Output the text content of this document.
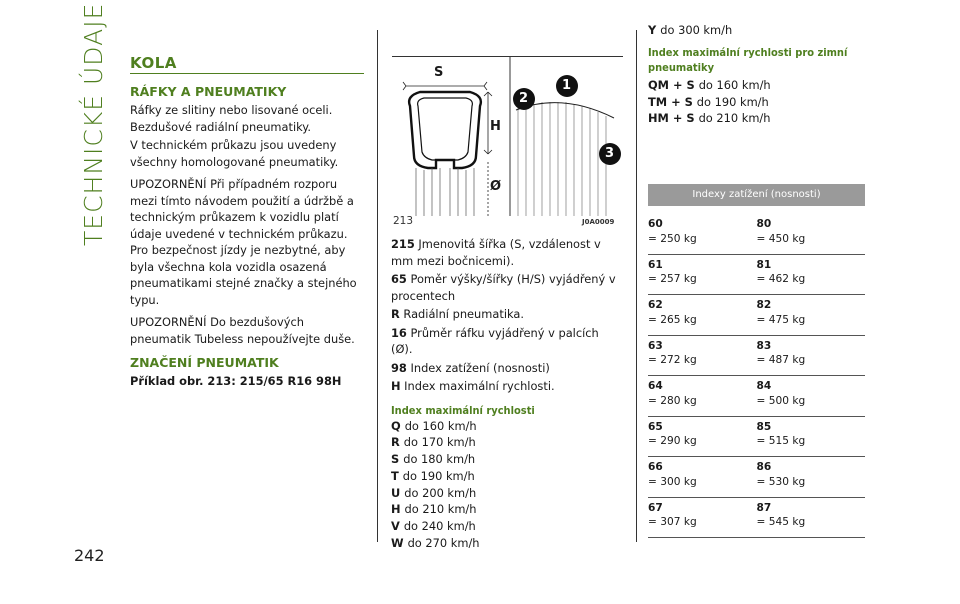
TECHNICKÉ ÚDAJE	KOLA
RÁFKY A PNEUMATIKY

Ráfky ze slitiny nebo lisované oceli. Bezdušové radiální pneumatiky.

V technickém průkazu jsou uvedeny všechny homologované pneumatiky.

UPOZORNĚNÍ Při případném rozporu mezi tímto návodem použití a údržbě a technickým průkazem k vozidlu platí údaje uvedené v technickém průkazu. Pro bezpečnost jízdy je nezbytné, aby byla všechna kola vozidla osazená pneumatikami stejné značky a stejného typu.

UPOZORNĚNÍ Do bezdušových pneumatik Tubeless nepoužívejte duše.

ZNAČENÍ PNEUMATIK
Příklad obr. 213: 215/65 R16 98H
S
H
Ø
1
2
3
213	J0A0009
215 Jmenovitá šířka (S, vzdálenost v mm mezi bočnicemi).
65 Poměr výšky/šířky (H/S) vyjádřený v procentech
R Radiální pneumatika.
16 Průměr ráfku vyjádřený v palcích (Ø).
98 Index zatížení (nosnosti)
H Index maximální rychlosti.
Index maximální rychlosti
Q do 160 km/h
R do 170 km/h
S do 180 km/h
T do 190 km/h
U do 200 km/h
H do 210 km/h
V do 240 km/h
W do 270 km/h
Y do 300 km/h
Index maximální rychlosti pro zimní pneumatiky
QM + S do 160 km/h
TM + S do 190 km/h
HM + S do 210 km/h
Indexy zatížení (nosnosti)
60
= 250 kg
80
= 450 kg
61
= 257 kg
81
= 462 kg
62
= 265 kg
82
= 475 kg
63
= 272 kg
83
= 487 kg
64
= 280 kg
84
= 500 kg
65
= 290 kg
85
= 515 kg
66
= 300 kg
86
= 530 kg
67
= 307 kg
87
= 545 kg
242
